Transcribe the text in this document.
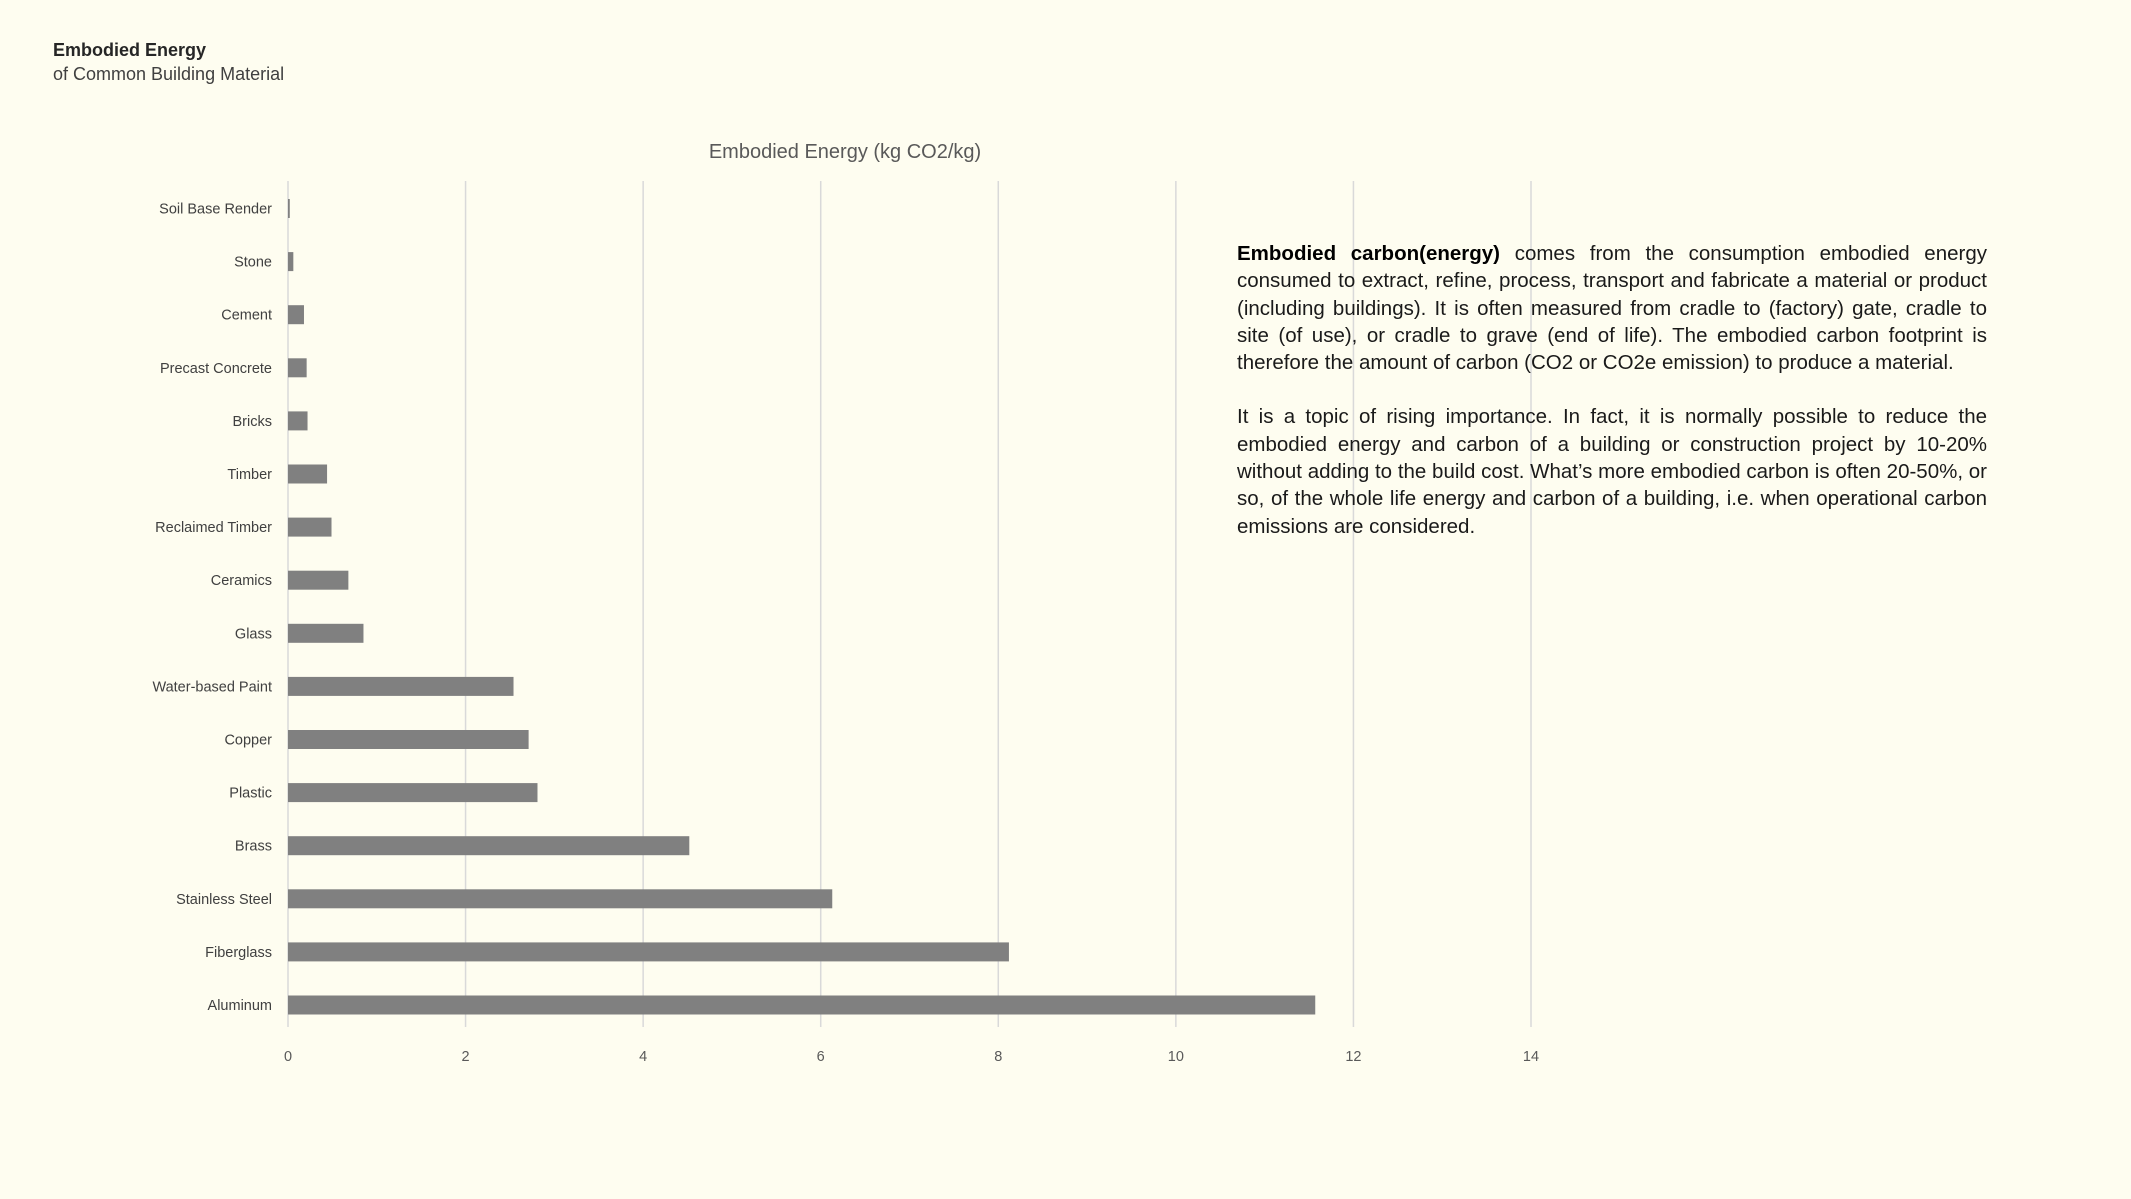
Embodied Energy
of Common Building Material
Embodied Energy (kg CO2/kg)
Soil Base Render
Stone
Cement
Precast Concrete
Bricks
Timber
Reclaimed Timber
Ceramics
Glass
Water-based Paint
Copper
Plastic
Brass
Stainless Steel
Fiberglass
Aluminum
0	2	4	6	8	10	12	14

Embodied carbon(energy) comes from the consumption embodied energy consumed to extract, refine, process, transport and fabricate a material or product (including buildings). It is often measured from cradle to (factory) gate, cradle to site (of use), or cradle to grave (end of life). The embodied carbon footprint is therefore the amount of carbon (CO2 or CO2e emission) to produce a material.

It is a topic of rising importance. In fact, it is normally possible to reduce the embodied energy and carbon of a building or construction project by 10-20% without adding to the build cost. What’s more embodied carbon is often 20-50%, or so, of the whole life energy and carbon of a building, i.e. when operational carbon emissions are considered.
